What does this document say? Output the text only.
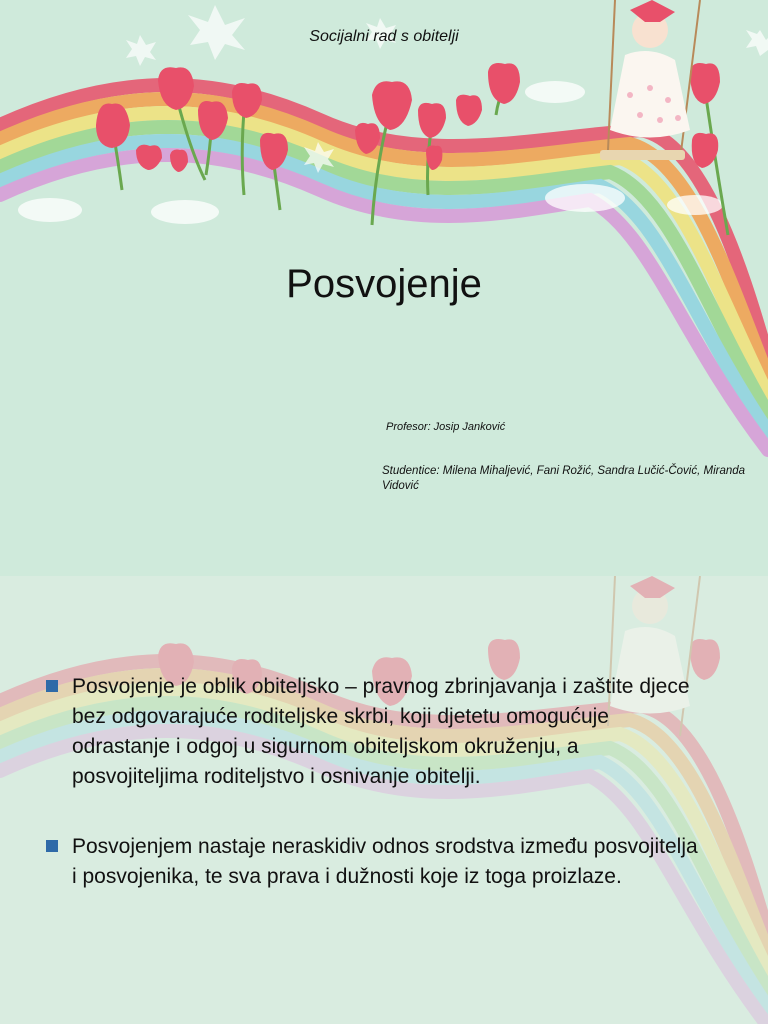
Socijalni rad s obitelji
Posvojenje
Profesor: Josip Janković
Studentice: Milena Mihaljević, Fani Rožić, Sandra Lučić-Čović, Miranda Vidović
Posvojenje je oblik obiteljsko – pravnog zbrinjavanja i zaštite djece bez odgovarajuće roditeljske skrbi, koji djetetu omogućuje odrastanje i odgoj u sigurnom obiteljskom okruženju, a posvojiteljima roditeljstvo i osnivanje obitelji.
Posvojenjem nastaje neraskidiv odnos srodstva između posvojitelja i posvojenika, te sva prava i dužnosti koje iz toga proizlaze.
